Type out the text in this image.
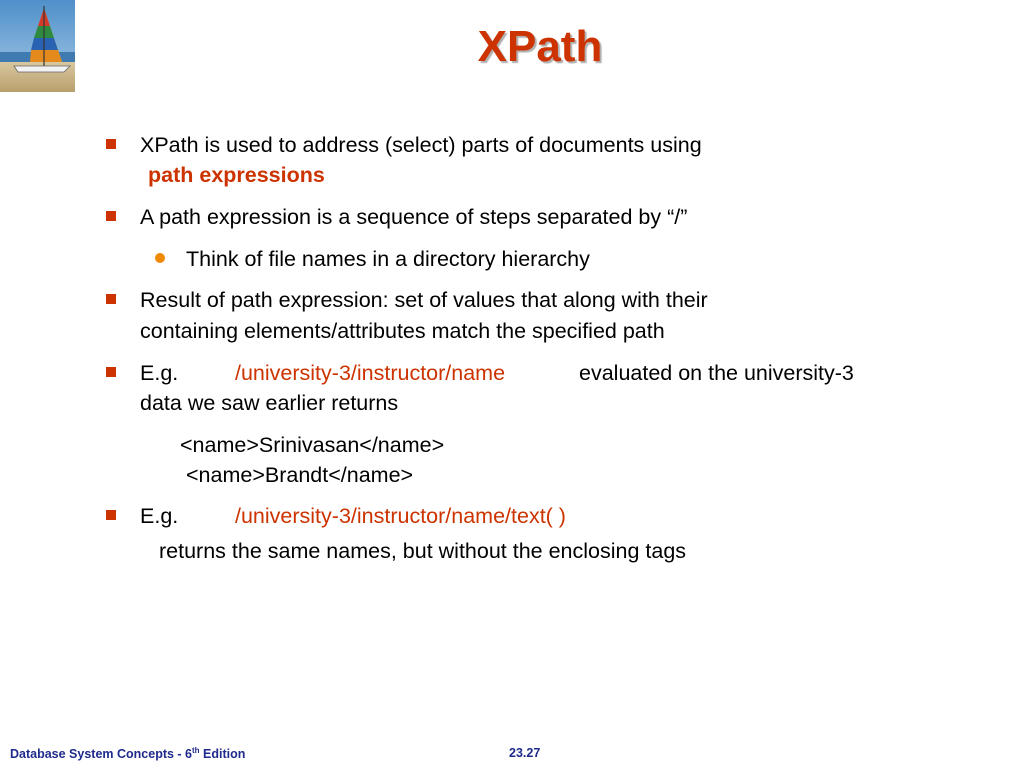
XPath
XPath is used to address (select) parts of documents using
path expressions
A path expression is a sequence of steps separated by “/”
Think of file names in a directory hierarchy
Result of path expression: set of values that along with their
containing elements/attributes match the specified path
E.g.	/university-3/instructor/name	evaluated on the university-3
data we saw earlier returns
<name>Srinivasan</name>
<name>Brandt</name>
E.g.	/university-3/instructor/name/text( )
returns the same names, but without the enclosing tags
Database System Concepts - 6th Edition	23.27
